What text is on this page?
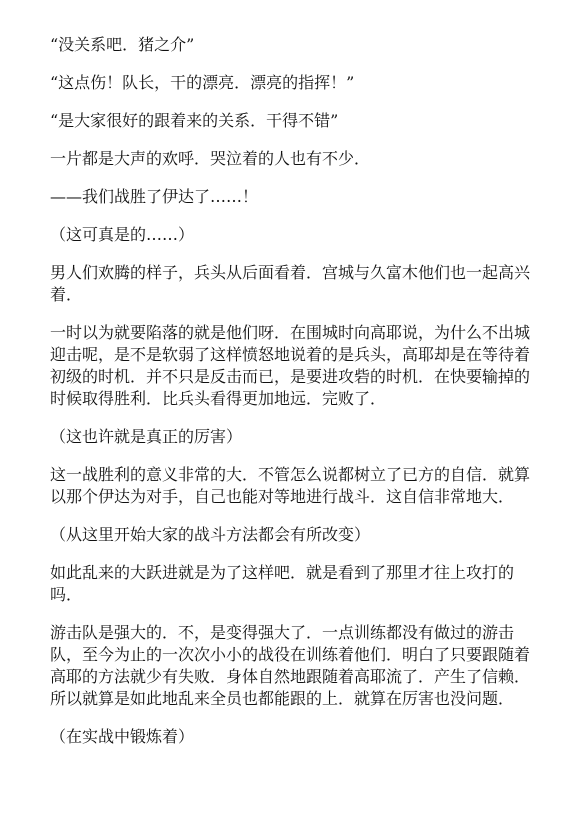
“没关系吧．猪之介”

“这点伤！队长，干的漂亮．漂亮的指挥！”

“是大家很好的跟着来的关系．干得不错”

一片都是大声的欢呼．哭泣着的人也有不少．

——我们战胜了伊达了……！

（这可真是的……）

男人们欢腾的样子，兵头从后面看着．宫城与久富木他们也一起高兴着．

一时以为就要陷落的就是他们呀．在围城时向高耶说，为什么不出城迎击呢，是不是软弱了这样愤怒地说着的是兵头，高耶却是在等待着初级的时机．并不只是反击而已，是要进攻砦的时机．在快要输掉的时候取得胜利．比兵头看得更加地远．完败了．

（这也许就是真正的厉害）

这一战胜利的意义非常的大．不管怎么说都树立了已方的自信．就算以那个伊达为对手，自己也能对等地进行战斗．这自信非常地大．

（从这里开始大家的战斗方法都会有所改变）

如此乱来的大跃进就是为了这样吧．就是看到了那里才往上攻打的吗．

游击队是强大的．不，是变得强大了．一点训练都没有做过的游击队，至今为止的一次次小小的战役在训练着他们．明白了只要跟随着高耶的方法就少有失败．身体自然地跟随着高耶流了．产生了信赖．所以就算是如此地乱来全员也都能跟的上．就算在厉害也没问题．

（在实战中锻炼着）
